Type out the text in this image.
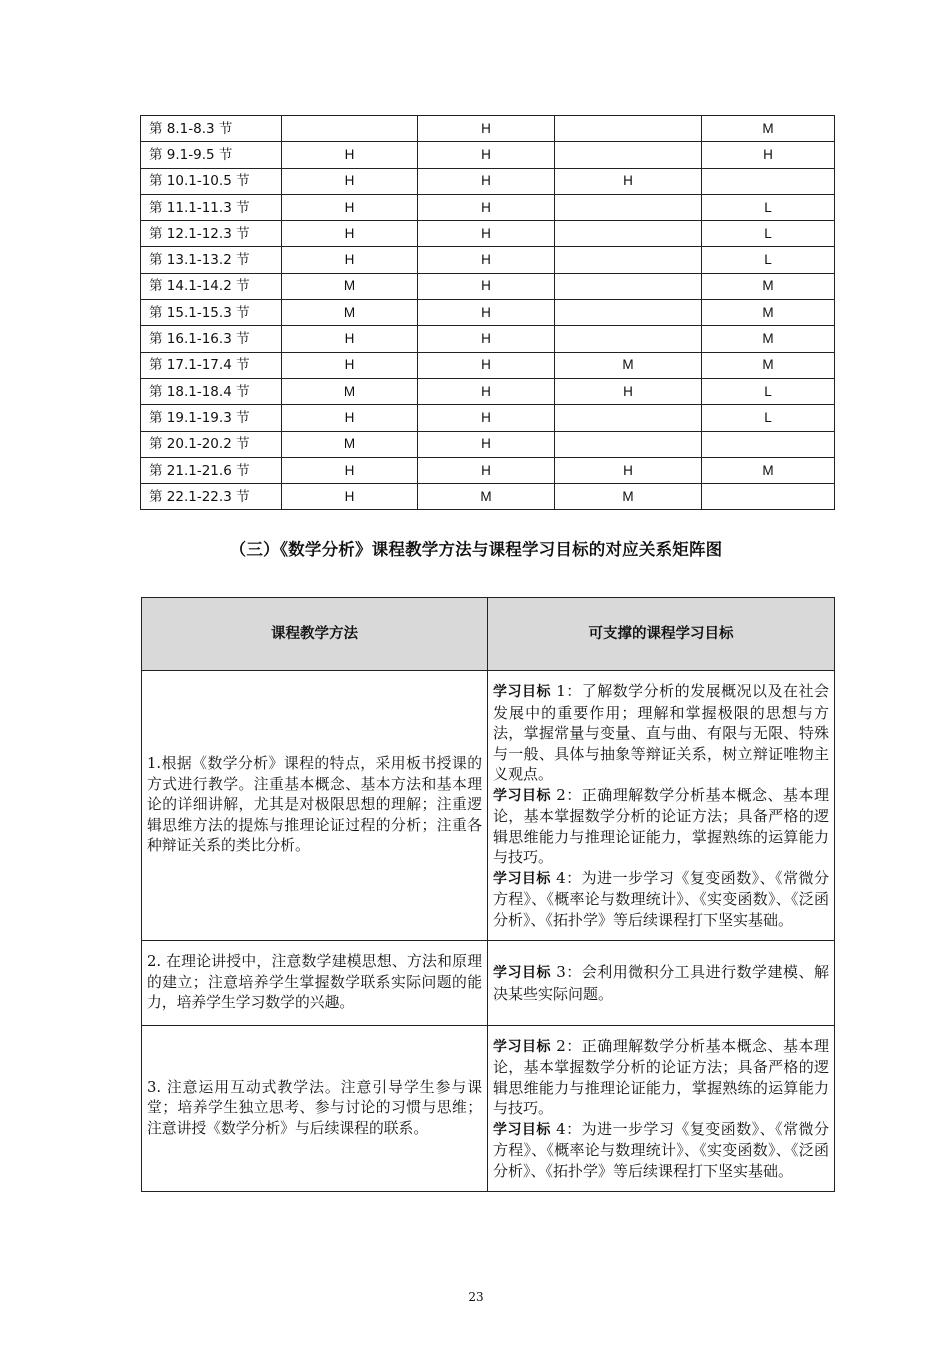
第 8.1-8.3 节		H		M
第 9.1-9.5 节	H	H		H
第 10.1-10.5 节	H	H	H	
第 11.1-11.3 节	H	H		L
第 12.1-12.3 节	H	H		L
第 13.1-13.2 节	H	H		L
第 14.1-14.2 节	M	H		M
第 15.1-15.3 节	M	H		M
第 16.1-16.3 节	H	H		M
第 17.1-17.4 节	H	H	M	M
第 18.1-18.4 节	M	H	H	L
第 19.1-19.3 节	H	H		L
第 20.1-20.2 节	M	H		
第 21.1-21.6 节	H	H	H	M
第 22.1-22.3 节	H	M	M	
（三）《数学分析》课程教学方法与课程学习目标的对应关系矩阵图
课程教学方法	可支撑的课程学习目标
1.根据《数学分析》课程的特点，采用板书授课的方式进行教学。注重基本概念、基本方法和基本理论的详细讲解，尤其是对极限思想的理解；注重逻辑思维方法的提炼与推理论证过程的分析；注重各种辩证关系的类比分析。	学习目标 1：了解数学分析的发展概况以及在社会发展中的重要作用；理解和掌握极限的思想与方法，掌握常量与变量、直与曲、有限与无限、特殊与一般、具体与抽象等辩证关系，树立辩证唯物主义观点。
学习目标 2：正确理解数学分析基本概念、基本理论，基本掌握数学分析的论证方法；具备严格的逻辑思维能力与推理论证能力，掌握熟练的运算能力与技巧。
学习目标 4：为进一步学习《复变函数》、《常微分方程》、《概率论与数理统计》、《实变函数》、《泛函分析》、《拓扑学》等后续课程打下坚实基础。

2. 在理论讲授中，注意数学建模思想、方法和原理的建立；注意培养学生掌握数学联系实际问题的能力，培养学生学习数学的兴趣。	学习目标 3：会利用微积分工具进行数学建模、解决某些实际问题。

3. 注意运用互动式教学法。注意引导学生参与课堂；培养学生独立思考、参与讨论的习惯与思维；注意讲授《数学分析》与后续课程的联系。	学习目标 2：正确理解数学分析基本概念、基本理论，基本掌握数学分析的论证方法；具备严格的逻辑思维能力与推理论证能力，掌握熟练的运算能力与技巧。
学习目标 4：为进一步学习《复变函数》、《常微分方程》、《概率论与数理统计》、《实变函数》、《泛函分析》、《拓扑学》等后续课程打下坚实基础。
23
